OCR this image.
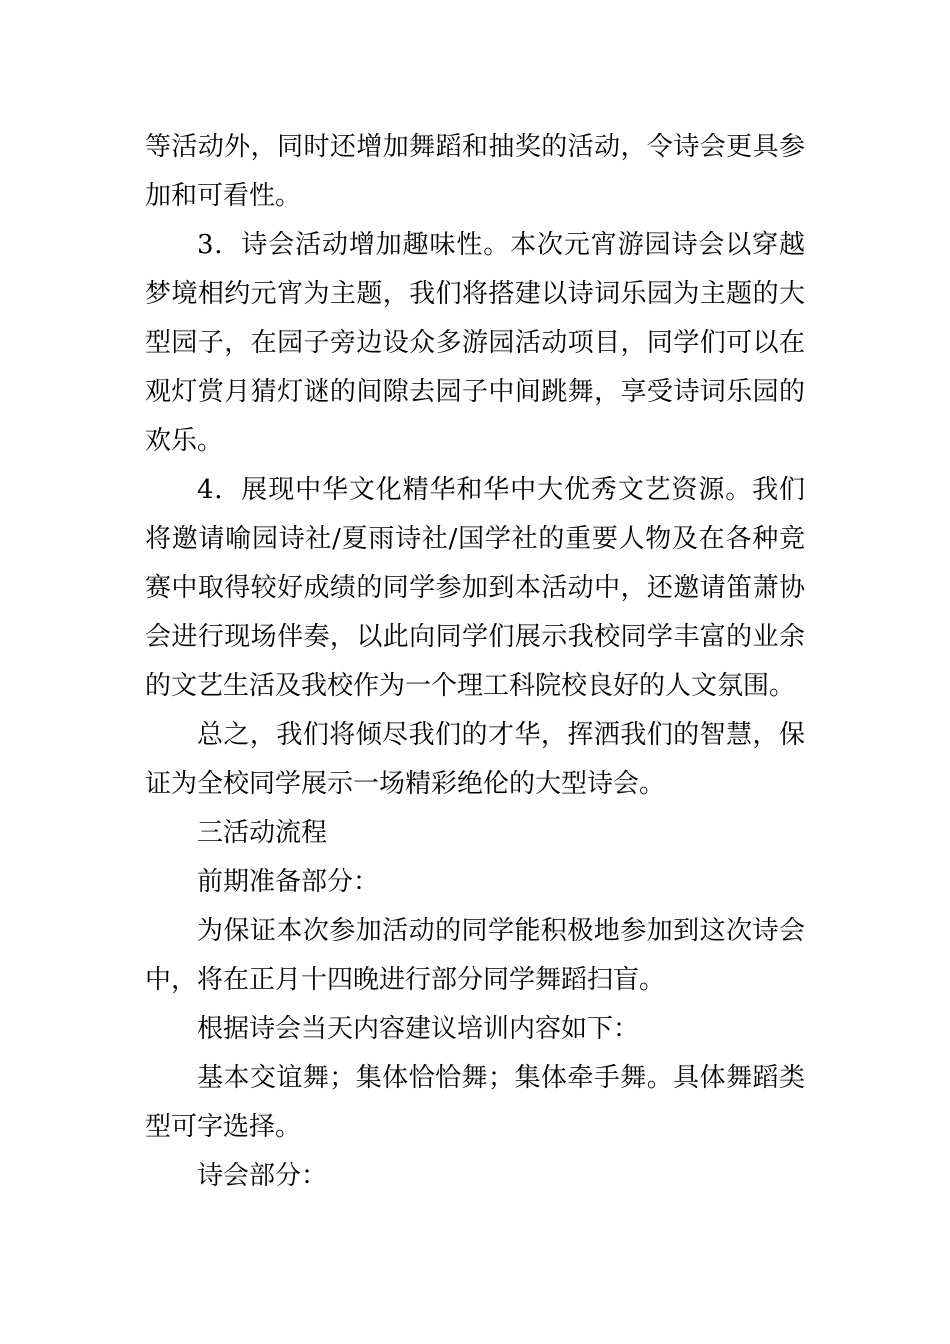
等活动外，同时还增加舞蹈和抽奖的活动，令诗会更具参加和可看性。

3．诗会活动增加趣味性。本次元宵游园诗会以穿越梦境相约元宵为主题，我们将搭建以诗词乐园为主题的大型园子，在园子旁边设众多游园活动项目，同学们可以在观灯赏月猜灯谜的间隙去园子中间跳舞，享受诗词乐园的欢乐。

4．展现中华文化精华和华中大优秀文艺资源。我们将邀请喻园诗社/夏雨诗社/国学社的重要人物及在各种竞赛中取得较好成绩的同学参加到本活动中，还邀请笛萧协会进行现场伴奏，以此向同学们展示我校同学丰富的业余的文艺生活及我校作为一个理工科院校良好的人文氛围。

总之，我们将倾尽我们的才华，挥洒我们的智慧，保证为全校同学展示一场精彩绝伦的大型诗会。

三活动流程

前期准备部分：

为保证本次参加活动的同学能积极地参加到这次诗会中，将在正月十四晚进行部分同学舞蹈扫盲。

根据诗会当天内容建议培训内容如下：

基本交谊舞；集体恰恰舞；集体牵手舞。具体舞蹈类型可字选择。

诗会部分：
